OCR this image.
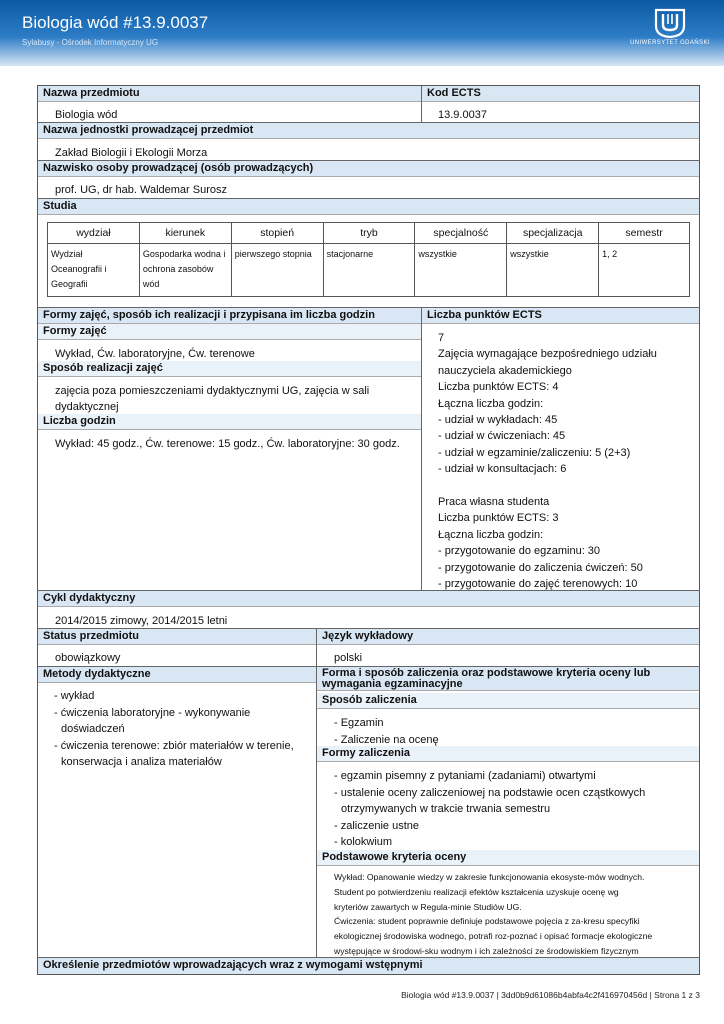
Biologia wód #13.9.0037
Sylabusy - Ośrodek Informatyczny UG	UNIWERSYTET GDAŃSKI
Nazwa przedmiotu	Kod ECTS
Biologia wód	13.9.0037
Nazwa jednostki prowadzącej przedmiot
Zakład Biologii i Ekologii Morza
Nazwisko osoby prowadzącej (osób prowadzących)
prof. UG, dr hab. Waldemar Surosz
Studia
wydział	kierunek	stopień	tryb	specjalność	specjalizacja	semestr
Wydział Oceanografii i Geografii	Gospodarka wodna i ochrona zasobów wód	pierwszego stopnia	stacjonarne	wszystkie	wszystkie	1, 2
Formy zajęć, sposób ich realizacji i przypisana im liczba godzin	Liczba punktów ECTS
Formy zajęć
Wykład, Ćw. laboratoryjne, Ćw. terenowe
Sposób realizacji zajęć
zajęcia poza pomieszczeniami dydaktycznymi UG, zajęcia w sali
dydaktycznej
Liczba godzin
Wykład: 45 godz., Ćw. terenowe: 15 godz., Ćw. laboratoryjne: 30 godz.
7
Zajęcia wymagające bezpośredniego udziału
nauczyciela akademickiego
Liczba punktów ECTS: 4
Łączna liczba godzin:
- udział w wykładach: 45
- udział w ćwiczeniach: 45
- udział w egzaminie/zaliczeniu: 5 (2+3)
- udział w konsultacjach: 6
Praca własna studenta
Liczba punktów ECTS: 3
Łączna liczba godzin:
- przygotowanie do egzaminu: 30
- przygotowanie do zaliczenia ćwiczeń: 50
- przygotowanie do zajęć terenowych: 10
Cykl dydaktyczny
2014/2015 zimowy, 2014/2015 letni
Status przedmiotu	Język wykładowy
obowiązkowy	polski
Metody dydaktyczne
- wykład
- ćwiczenia laboratoryjne - wykonywanie
doświadczeń
- ćwiczenia terenowe: zbiór materiałów w terenie,
konserwacja i analiza materiałów
Forma i sposób zaliczenia oraz podstawowe kryteria oceny lub
wymagania egzaminacyjne
Sposób zaliczenia
- Egzamin
- Zaliczenie na ocenę
Formy zaliczenia
- egzamin pisemny z pytaniami (zadaniami) otwartymi
- ustalenie oceny zaliczeniowej na podstawie ocen cząstkowych
otrzymywanych w trakcie trwania semestru
- zaliczenie ustne
- kolokwium
Podstawowe kryteria oceny
Wykład: Opanowanie wiedzy w zakresie funkcjonowania ekosyste-mów wodnych.
Student po potwierdzeniu realizacji efektów kształcenia uzyskuje ocenę wg
kryteriów zawartych w Regula-minie Studiów UG.
Ćwiczenia: student poprawnie definiuje podstawowe pojęcia z za-kresu specyfiki
ekologicznej środowiska wodnego, potrafi roz-poznać i opisać formacje ekologiczne
występujące w środowi-sku wodnym i ich zależności ze środowiskiem fizycznym
Określenie przedmiotów wprowadzających wraz z wymogami wstępnymi
Biologia wód #13.9.0037 | 3dd0b9d61086b4abfa4c2f416970456d | Strona 1 z 3
